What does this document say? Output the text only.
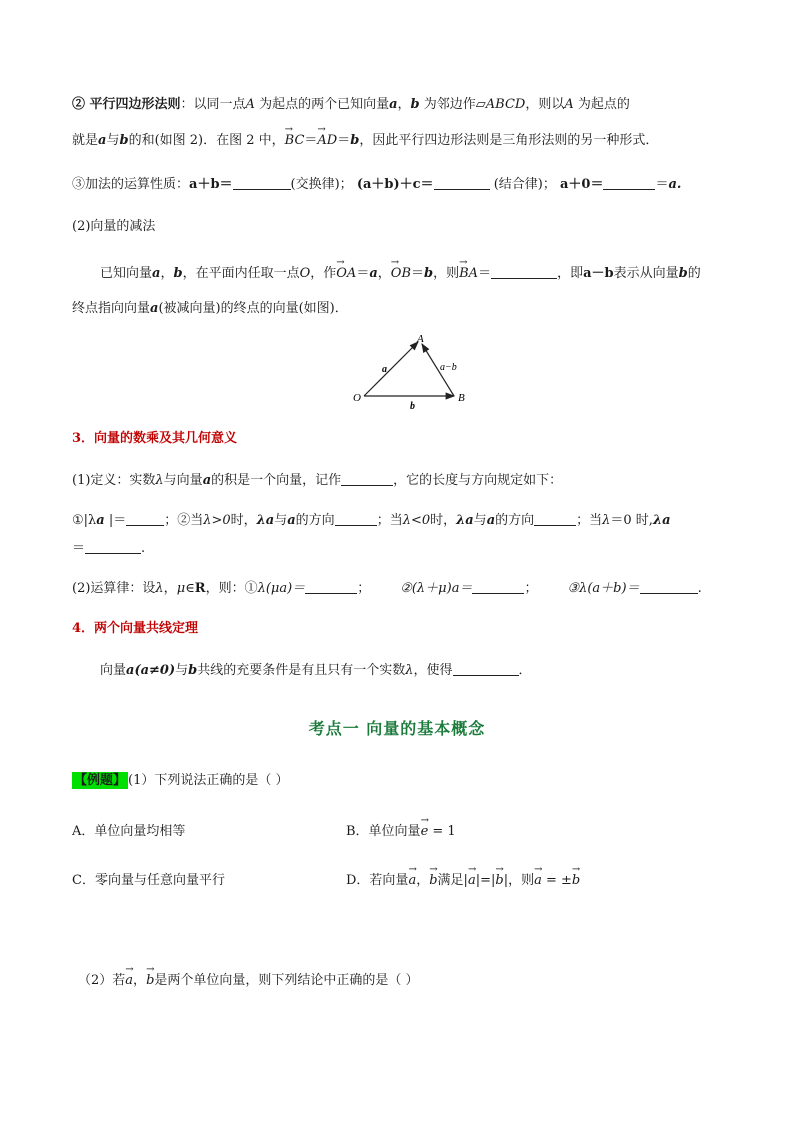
② 平行四边形法则：以同一点A 为起点的两个已知向量a，b 为邻边作▱ABCD，则以A 为起点的
就是a与b的和(如图 2)．在图 2 中，→ BC＝→ AD＝b，因此平行四边形法则是三角形法则的另一种形式．
③加法的运算性质：a＋b＝	(交换律)； (a＋b)＋c＝	(结合律)； a＋0＝	＝a.
(2)向量的减法
已知向量a，b，在平面内任取一点O，作→ OA＝a，→ OB＝b，则→ BA＝	，即a－b表示从向量b的
终点指向向量a(被减向量)的终点的向量(如图)．
A
O	B
a
b
a−b
3．向量的数乘及其几何意义
(1)定义：实数λ与向量a的积是一个向量，记作	，它的长度与方向规定如下：
①|λa |＝	；②当λ>0时，λa与a的方向	；当λ<0时，λa与a的方向	；当λ＝0 时,λa
＝	.
(2)运算律：设λ，μ∈R，则：①λ(μa)＝	； ②(λ＋μ)a＝	； ③λ(a＋b)＝	.
4．两个向量共线定理
向量a(a≠0)与b共线的充要条件是有且只有一个实数λ，使得	．
考点一 向量的基本概念
【例题】 (1）下列说法正确的是（ ）
A．单位向量均相等	B．单位向量→ e = 1
C．零向量与任意向量平行	D．若向量→ a，→ b满足|→ a|=|→ b|，则→ a = ±→ b
（2）若→ a，→ b是两个单位向量，则下列结论中正确的是（ ）
